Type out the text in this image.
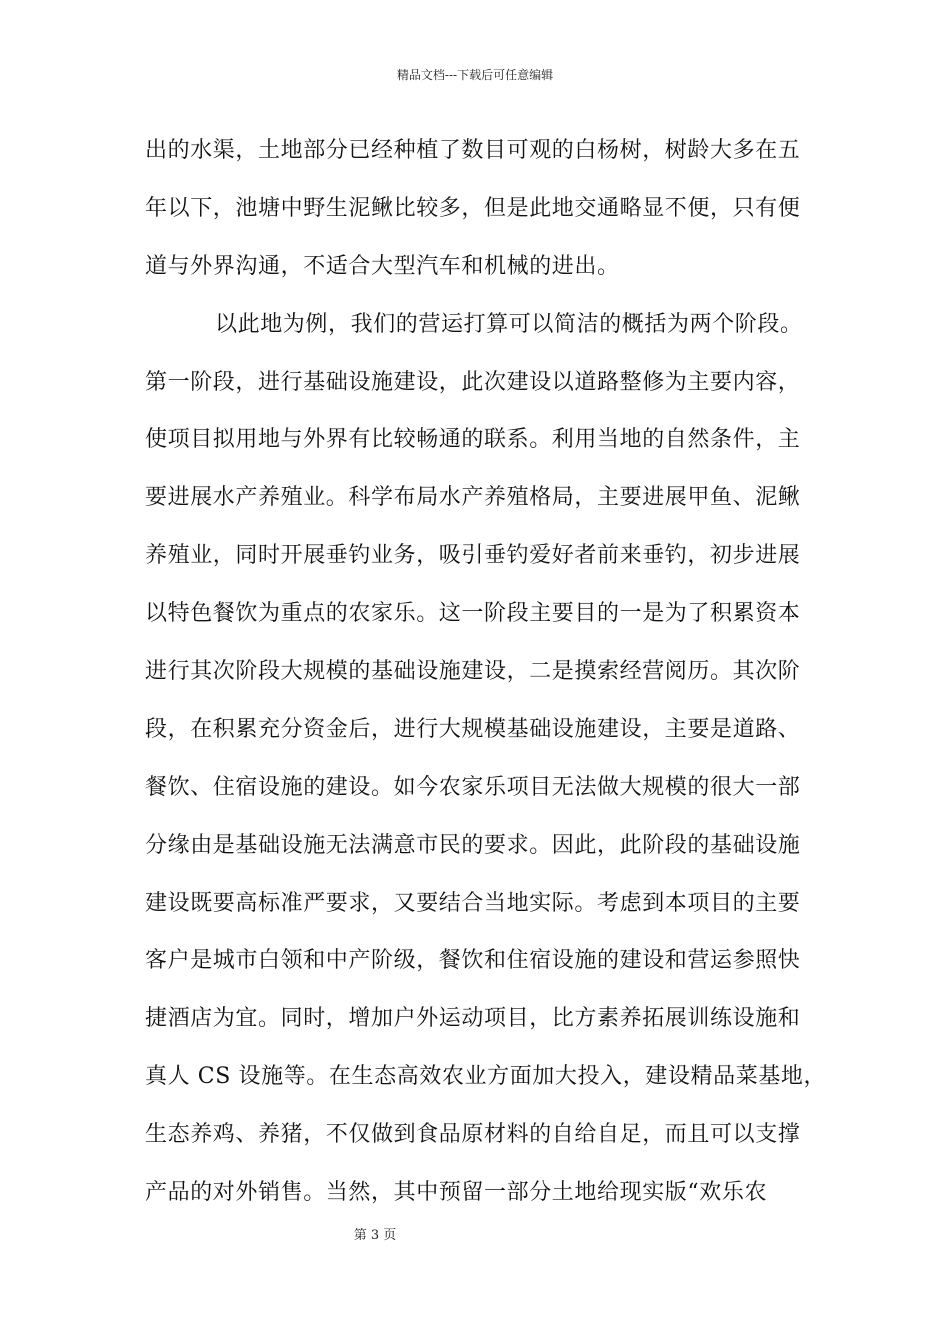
精品文档---下载后可任意编辑
出的水渠，土地部分已经种植了数目可观的白杨树，树龄大多在五
年以下，池塘中野生泥鳅比较多，但是此地交通略显不便，只有便
道与外界沟通，不适合大型汽车和机械的进出。
以此地为例，我们的营运打算可以简洁的概括为两个阶段。
第一阶段，进行基础设施建设，此次建设以道路整修为主要内容，
使项目拟用地与外界有比较畅通的联系。利用当地的自然条件，主
要进展水产养殖业。科学布局水产养殖格局，主要进展甲鱼、泥鳅
养殖业，同时开展垂钓业务，吸引垂钓爱好者前来垂钓，初步进展
以特色餐饮为重点的农家乐。这一阶段主要目的一是为了积累资本
进行其次阶段大规模的基础设施建设，二是摸索经营阅历。其次阶
段，在积累充分资金后，进行大规模基础设施建设，主要是道路、
餐饮、住宿设施的建设。如今农家乐项目无法做大规模的很大一部
分缘由是基础设施无法满意市民的要求。因此，此阶段的基础设施
建设既要高标准严要求，又要结合当地实际。考虑到本项目的主要
客户是城市白领和中产阶级，餐饮和住宿设施的建设和营运参照快
捷酒店为宜。同时，增加户外运动项目，比方素养拓展训练设施和
真人 CS 设施等。在生态高效农业方面加大投入，建设精品菜基地，
生态养鸡、养猪，不仅做到食品原材料的自给自足，而且可以支撑
产品的对外销售。当然，其中预留一部分土地给现实版“欢乐农
第 3 页
